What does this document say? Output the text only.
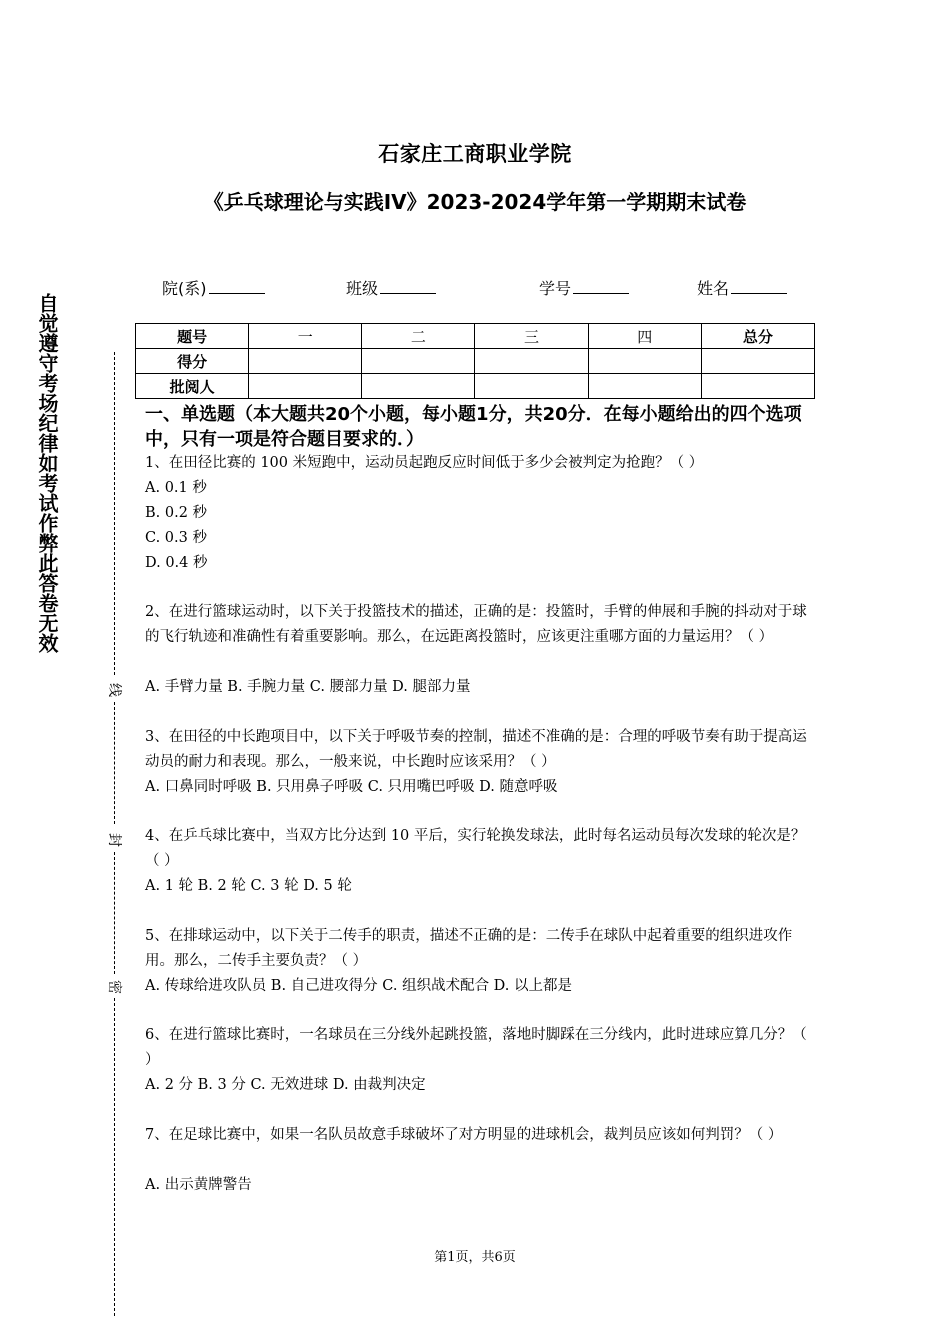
石家庄工商职业学院
《乒乓球理论与实践IV》2023-2024学年第一学期期末试卷
院(系)	班级	学号	姓名
题号	一	二	三	四	总分
得分					
批阅人					
一、单选题（本大题共20个小题，每小题1分，共20分．在每小题给出的四个选项中，只有一项是符合题目要求的．）
1、在田径比赛的 100 米短跑中，运动员起跑反应时间低于多少会被判定为抢跑？（ ）
A. 0.1 秒
B. 0.2 秒
C. 0.3 秒
D. 0.4 秒
2、在进行篮球运动时，以下关于投篮技术的描述，正确的是：投篮时，手臂的伸展和手腕的抖动对于球的飞行轨迹和准确性有着重要影响。那么，在远距离投篮时，应该更注重哪方面的力量运用？（ ）
A. 手臂力量 B. 手腕力量 C. 腰部力量 D. 腿部力量
3、在田径的中长跑项目中，以下关于呼吸节奏的控制，描述不准确的是：合理的呼吸节奏有助于提高运动员的耐力和表现。那么，一般来说，中长跑时应该采用？（ ）
A. 口鼻同时呼吸 B. 只用鼻子呼吸 C. 只用嘴巴呼吸 D. 随意呼吸
4、在乒乓球比赛中，当双方比分达到 10 平后，实行轮换发球法，此时每名运动员每次发球的轮次是？（ ）
A. 1 轮 B. 2 轮 C. 3 轮 D. 5 轮
5、在排球运动中，以下关于二传手的职责，描述不正确的是：二传手在球队中起着重要的组织进攻作用。那么，二传手主要负责？（ ）
A. 传球给进攻队员 B. 自己进攻得分 C. 组织战术配合 D. 以上都是
6、在进行篮球比赛时，一名球员在三分线外起跳投篮，落地时脚踩在三分线内，此时进球应算几分？（ ）
A. 2 分 B. 3 分 C. 无效进球 D. 由裁判决定
7、在足球比赛中，如果一名队员故意手球破坏了对方明显的进球机会，裁判员应该如何判罚？（ ）
A. 出示黄牌警告
自觉遵守考场纪律如考试作弊此答卷无效
线
封
密
第1页，共6页
